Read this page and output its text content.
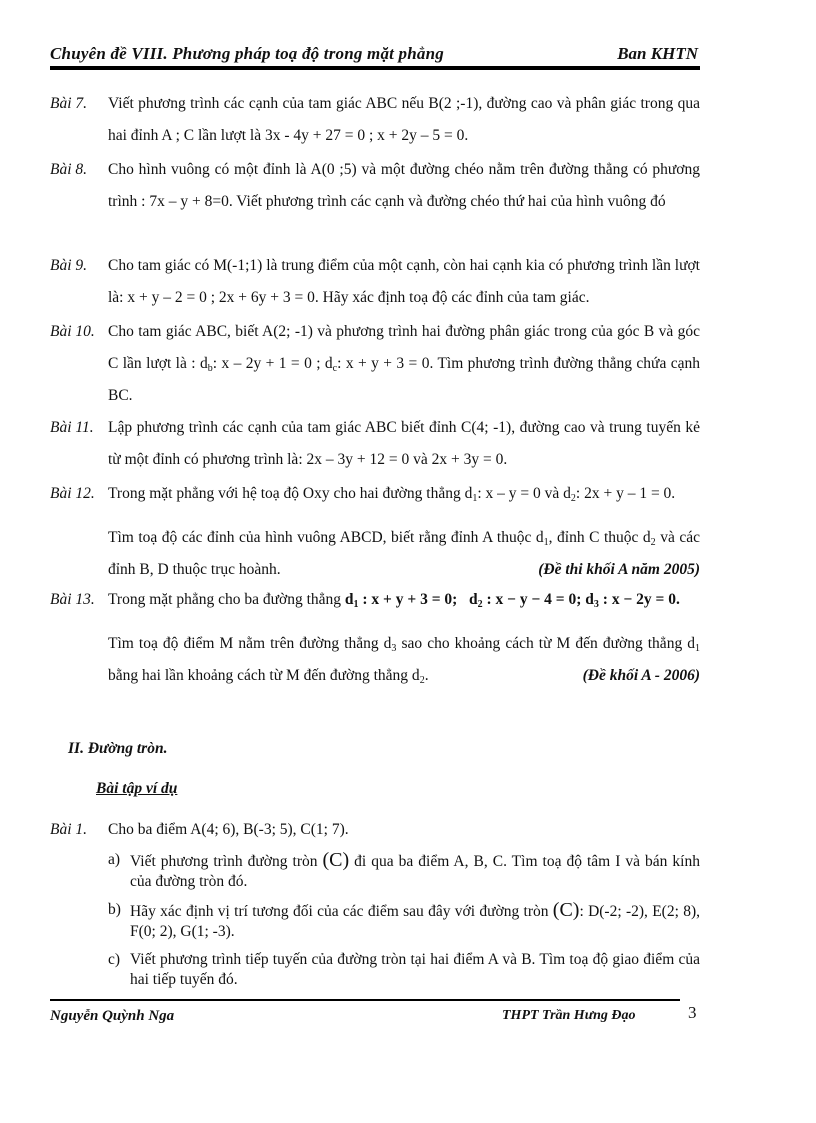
Chuyên đề VIII. Phương pháp toạ độ trong mặt phẳng	Ban KHTN
Bài 7. Viết phương trình các cạnh của tam giác ABC nếu B(2 ;-1), đường cao và phân giác trong qua hai đỉnh A ; C lần lượt là 3x - 4y + 27 = 0 ; x + 2y – 5 = 0.

Bài 8. Cho hình vuông có một đỉnh là A(0 ;5) và một đường chéo nằm trên đường thẳng có phương trình : 7x – y + 8=0. Viết phương trình các cạnh và đường chéo thứ hai của hình vuông đó

Bài 9. Cho tam giác có M(-1;1) là trung điểm của một cạnh, còn hai cạnh kia có phương trình lần lượt là: x + y – 2 = 0 ; 2x + 6y + 3 = 0. Hãy xác định toạ độ các đỉnh của tam giác.

Bài 10. Cho tam giác ABC, biết A(2; -1) và phương trình hai đường phân giác trong của góc B và góc C lần lượt là : $d_b$: x – 2y + 1 = 0 ; $d_c$: x + y + 3 = 0. Tìm phương trình đường thẳng chứa cạnh BC.

Bài 11. Lập phương trình các cạnh của tam giác ABC biết đỉnh C(4; -1), đường cao và trung tuyến kẻ từ một đỉnh có phương trình là: 2x – 3y + 12 = 0 và 2x + 3y = 0.

Bài 12. Trong mặt phẳng với hệ toạ độ Oxy cho hai đường thẳng $d_1$: x – y = 0 và $d_2$: 2x + y – 1 = 0.

Tìm toạ độ các đỉnh của hình vuông ABCD, biết rằng đỉnh A thuộc $d_1$, đỉnh C thuộc $d_2$ và các đỉnh B, D thuộc trục hoành.	(Đề thi khối A năm 2005)

Bài 13. Trong mặt phẳng cho ba đường thẳng $d_1$ : x + y + 3 = 0; $d_2$ : x − y − 4 = 0; $d_3$ : x − 2y = 0.

Tìm toạ độ điểm M nằm trên đường thẳng $d_3$ sao cho khoảng cách từ M đến đường thẳng $d_1$ bằng hai lần khoảng cách từ M đến đường thẳng $d_2$.	(Đề khối A - 2006)

II. Đường tròn.
Bài tập ví dụ
Bài 1. Cho ba điểm A(4; 6), B(-3; 5), C(1; 7).

a) Viết phương trình đường tròn (C) đi qua ba điểm A, B, C. Tìm toạ độ tâm I và bán kính của đường tròn đó.
b) Hãy xác định vị trí tương đối của các điểm sau đây với đường tròn (C): D(-2; -2), E(2; 8), F(0; 2), G(1; -3).
c) Viết phương trình tiếp tuyến của đường tròn tại hai điểm A và B. Tìm toạ độ giao điểm của hai tiếp tuyến đó.
Nguyễn Quỳnh Nga	THPT Trần Hưng Đạo	3
